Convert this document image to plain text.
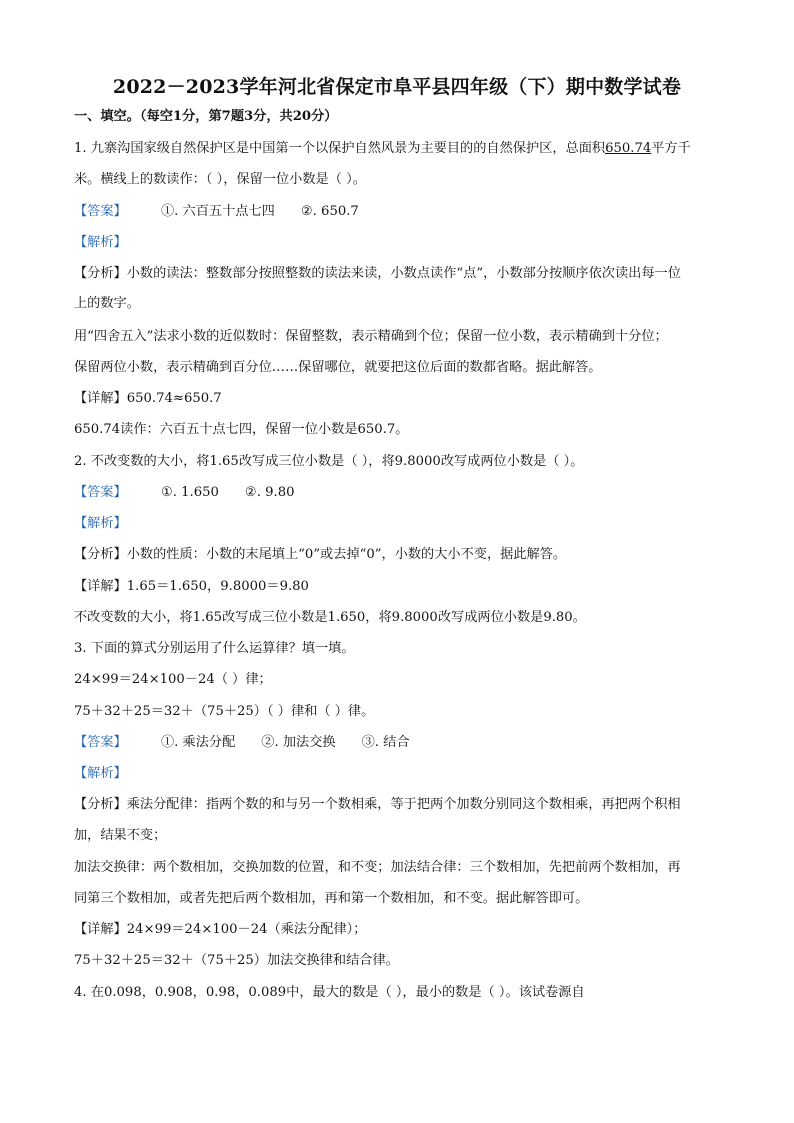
2022－2023学年河北省保定市阜平县四年级（下）期中数学试卷
一、填空。（每空1分，第7题3分，共20分）
1. 九寨沟国家级自然保护区是中国第一个以保护自然风景为主要目的的自然保护区，总面积650.74平方千
米。横线上的数读作：（ ），保留一位小数是（ ）。
【答案】	①. 六百五十点七四 ②. 650.7
【解析】
【分析】小数的读法：整数部分按照整数的读法来读，小数点读作“点”，小数部分按顺序依次读出每一位
上的数字。
用“四舍五入”法求小数的近似数时：保留整数，表示精确到个位；保留一位小数，表示精确到十分位；
保留两位小数，表示精确到百分位……保留哪位，就要把这位后面的数都省略。据此解答。
【详解】650.74≈650.7
650.74读作：六百五十点七四，保留一位小数是650.7。
2. 不改变数的大小，将1.65改写成三位小数是（ ），将9.8000改写成两位小数是（ ）。
【答案】	①. 1.650 ②. 9.80
【解析】
【分析】小数的性质：小数的末尾填上“0”或去掉“0”，小数的大小不变，据此解答。
【详解】1.65＝1.650，9.8000＝9.80
不改变数的大小，将1.65改写成三位小数是1.650，将9.8000改写成两位小数是9.80。
3. 下面的算式分别运用了什么运算律？填一填。
24×99＝24×100－24（ ）律；
75＋32＋25＝32＋（75＋25）（ ）律和（ ）律。
【答案】	①. 乘法分配 ②. 加法交换 ③. 结合
【解析】
【分析】乘法分配律：指两个数的和与另一个数相乘，等于把两个加数分别同这个数相乘，再把两个积相
加，结果不变；
加法交换律：两个数相加，交换加数的位置，和不变；加法结合律：三个数相加，先把前两个数相加，再
同第三个数相加，或者先把后两个数相加，再和第一个数相加，和不变。据此解答即可。
【详解】24×99＝24×100－24（乘法分配律）；
75＋32＋25＝32＋（75＋25）加法交换律和结合律。
4. 在0.098，0.908，0.98，0.089中，最大的数是（ ），最小的数是（ ）。该试卷源自
